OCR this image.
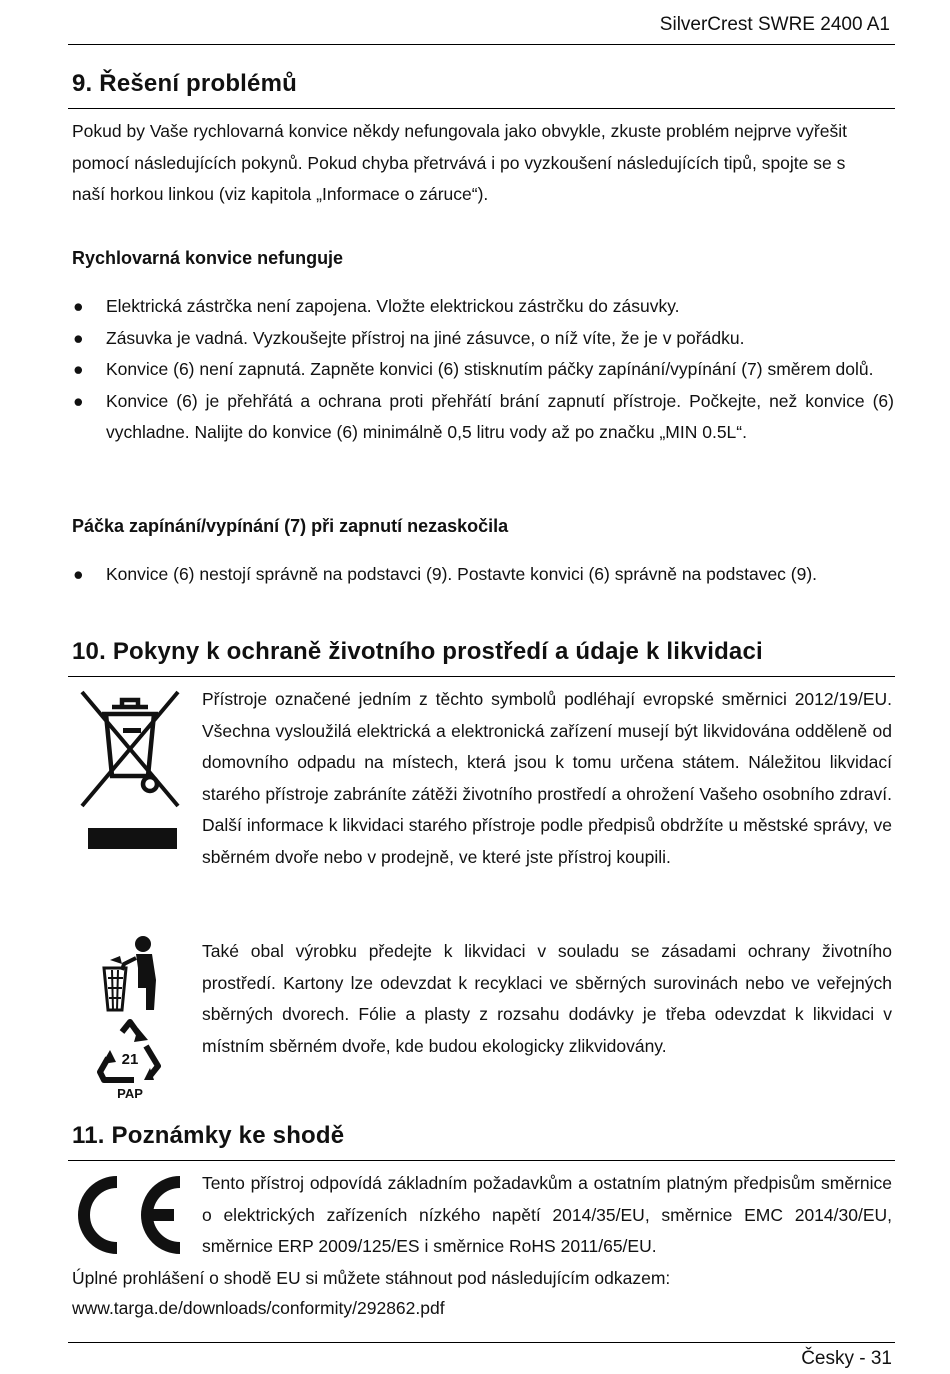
SilverCrest SWRE 2400 A1
9. Řešení problémů
Pokud by Vaše rychlovarná konvice někdy nefungovala jako obvykle, zkuste problém nejprve vyřešit pomocí následujících pokynů. Pokud chyba přetrvává i po vyzkoušení následujících tipů, spojte se s naší horkou linkou (viz kapitola „Informace o záruce“).
Rychlovarná konvice nefunguje
● Elektrická zástrčka není zapojena. Vložte elektrickou zástrčku do zásuvky.
● Zásuvka je vadná. Vyzkoušejte přístroj na jiné zásuvce, o níž víte, že je v pořádku.
● Konvice (6) není zapnutá. Zapněte konvici (6) stisknutím páčky zapínání/vypínání (7) směrem dolů.
● Konvice (6) je přehřátá a ochrana proti přehřátí brání zapnutí přístroje. Počkejte, než konvice (6) vychladne. Nalijte do konvice (6) minimálně 0,5 litru vody až po značku „MIN 0.5L“.
Páčka zapínání/vypínání (7) při zapnutí nezaskočila
● Konvice (6) nestojí správně na podstavci (9). Postavte konvici (6) správně na podstavec (9).
10. Pokyny k ochraně životního prostředí a údaje k likvidaci
Přístroje označené jedním z těchto symbolů podléhají evropské směrnici 2012/19/EU. Všechna vysloužilá elektrická a elektronická zařízení musejí být likvidována odděleně od domovního odpadu na místech, která jsou k tomu určena státem. Náležitou likvidací starého přístroje zabráníte zátěži životního prostředí a ohrožení Vašeho osobního zdraví. Další informace k likvidaci starého přístroje podle předpisů obdržíte u městské správy, ve sběrném dvoře nebo v prodejně, ve které jste přístroj koupili.
21
PAP
Také obal výrobku předejte k likvidaci v souladu se zásadami ochrany životního prostředí. Kartony lze odevzdat k recyklaci ve sběrných surovinách nebo ve veřejných sběrných dvorech. Fólie a plasty z rozsahu dodávky je třeba odevzdat k likvidaci v místním sběrném dvoře, kde budou ekologicky zlikvidovány.
11. Poznámky ke shodě
Tento přístroj odpovídá základním požadavkům a ostatním platným předpisům směrnice o elektrických zařízeních nízkého napětí 2014/35/EU, směrnice EMC 2014/30/EU, směrnice ERP 2009/125/ES i směrnice RoHS 2011/65/EU.
Úplné prohlášení o shodě EU si můžete stáhnout pod následujícím odkazem:
www.targa.de/downloads/conformity/292862.pdf
Česky - 31
